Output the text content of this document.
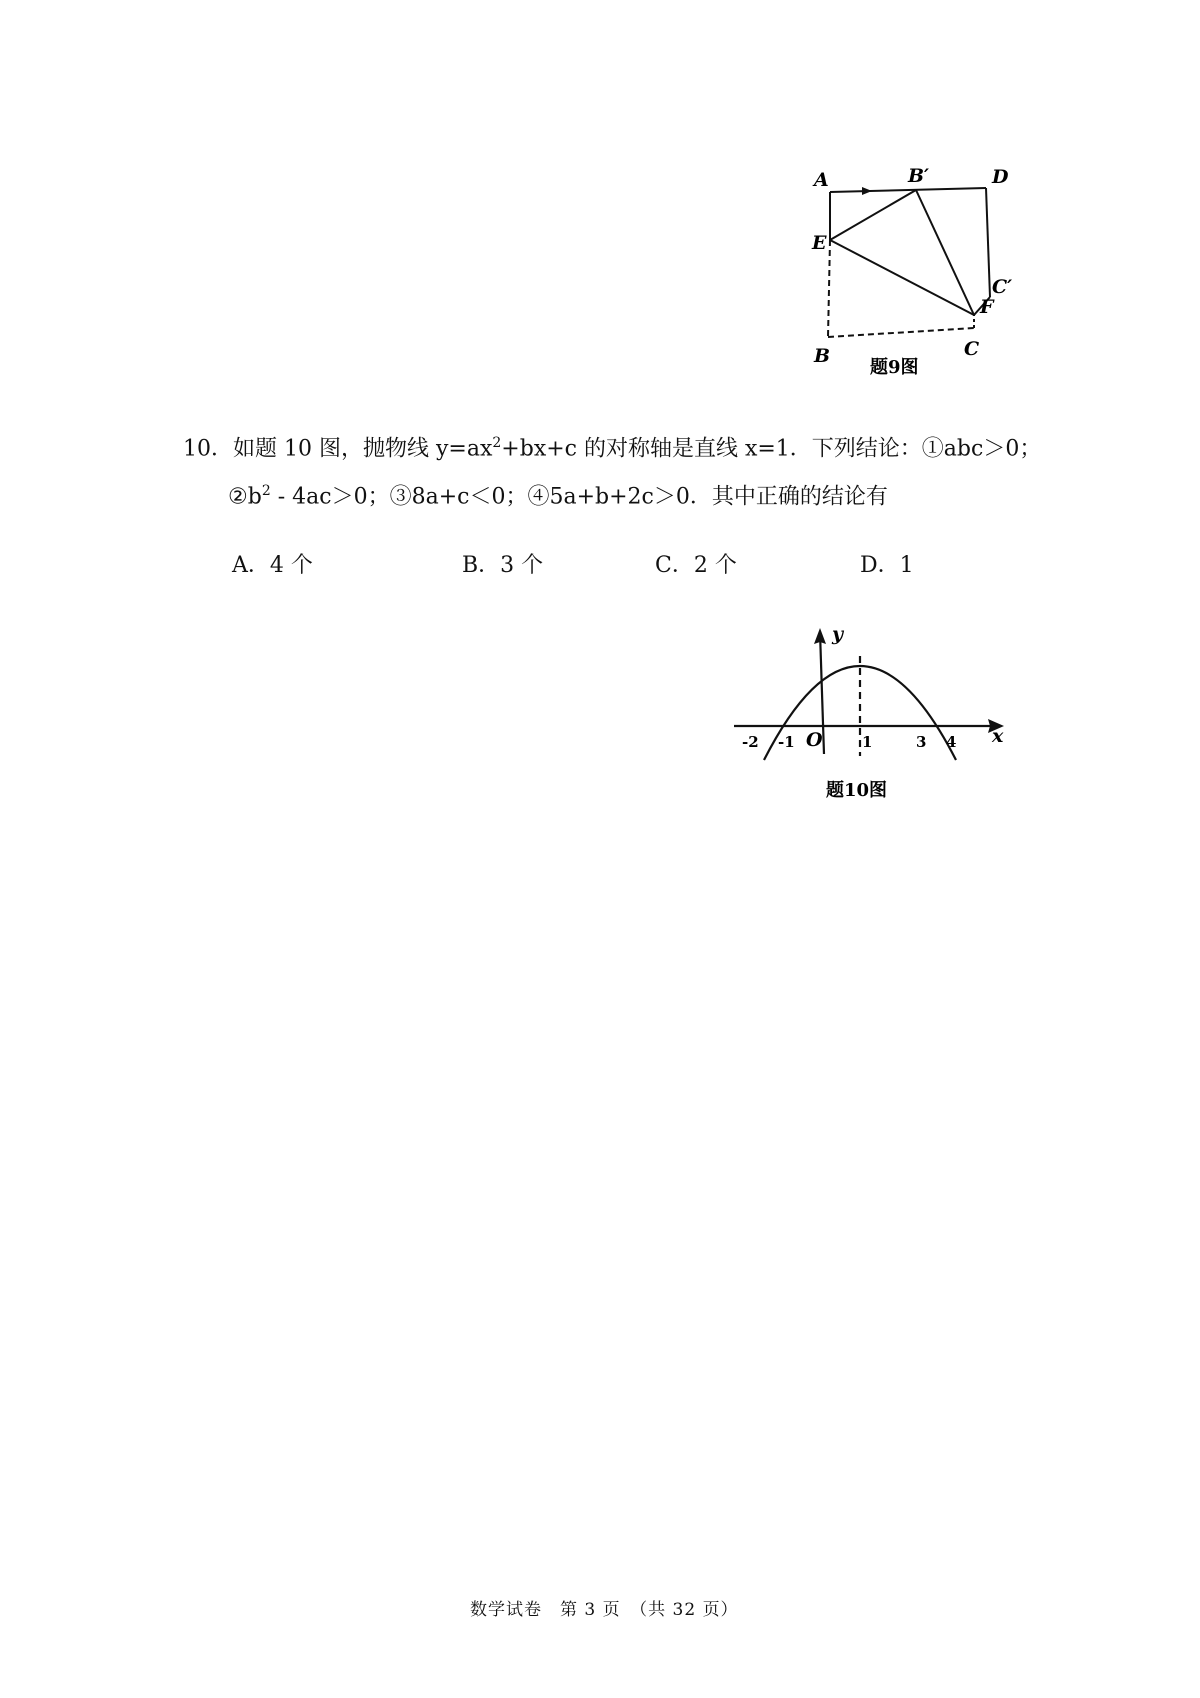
A	B′	D
E
C′
F
B	C
题9图
10．如题 10 图，抛物线 $y=ax^2+bx+c$ 的对称轴是直线 x=1．下列结论：①abc＞0；
$②b^2 - 4ac>0$；③8a+c＜0；④5a+b+2c＞0．其中正确的结论有
A．4 个	B．3 个	C．2 个	D．1
x
y
O
-2 -1	1	3 4
题10图
数学试卷　第 3 页　（共 32 页）
